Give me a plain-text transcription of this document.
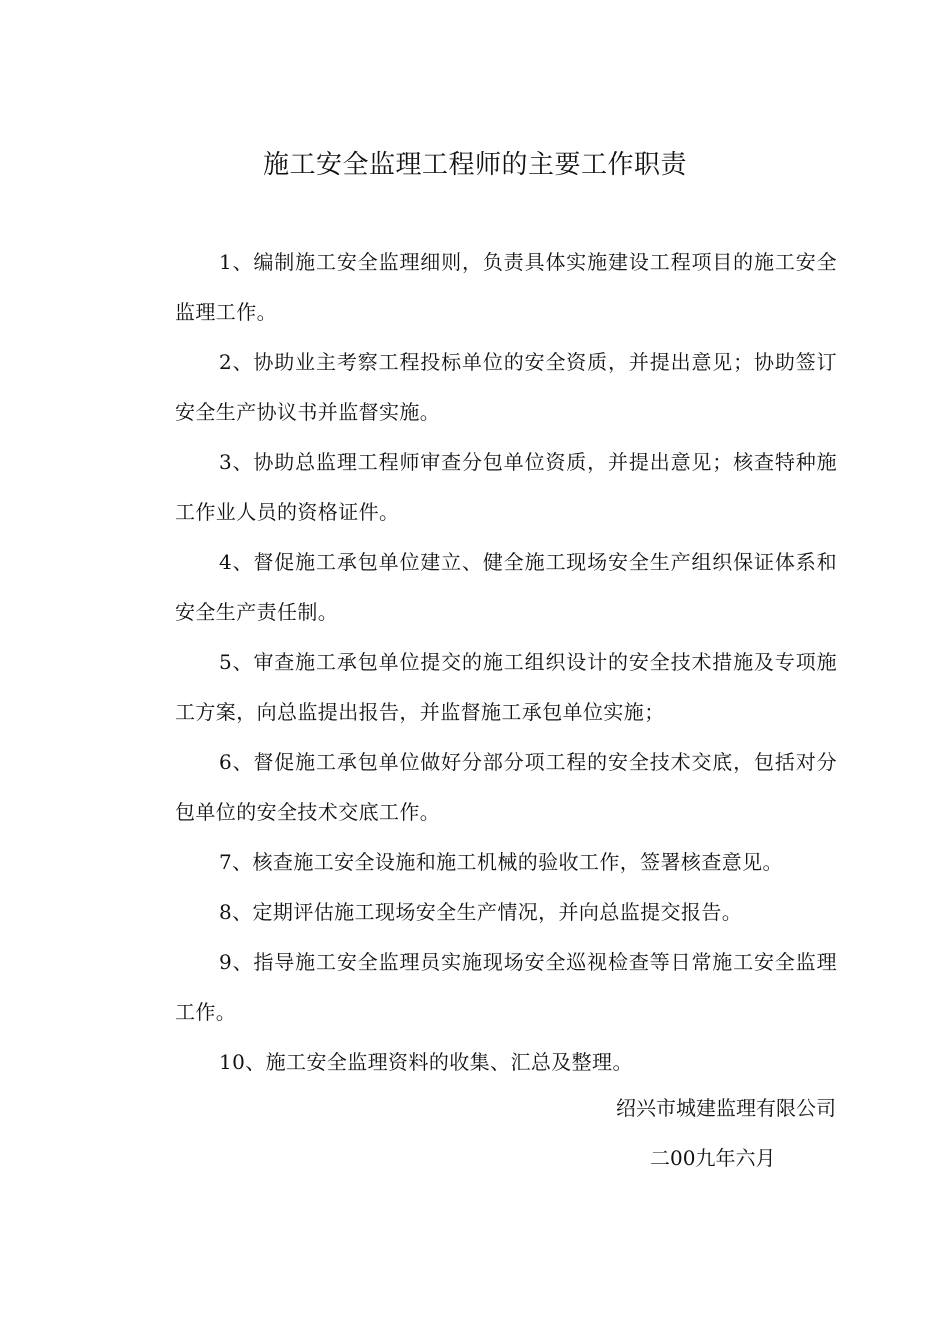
施工安全监理工程师的主要工作职责

1、编制施工安全监理细则，负责具体实施建设工程项目的施工安全监理工作。

2、协助业主考察工程投标单位的安全资质，并提出意见；协助签订安全生产协议书并监督实施。

3、协助总监理工程师审查分包单位资质，并提出意见；核查特种施工作业人员的资格证件。

4、督促施工承包单位建立、健全施工现场安全生产组织保证体系和安全生产责任制。

5、审查施工承包单位提交的施工组织设计的安全技术措施及专项施工方案，向总监提出报告，并监督施工承包单位实施；

6、督促施工承包单位做好分部分项工程的安全技术交底，包括对分包单位的安全技术交底工作。

7、核查施工安全设施和施工机械的验收工作，签署核查意见。

8、定期评估施工现场安全生产情况，并向总监提交报告。

9、指导施工安全监理员实施现场安全巡视检查等日常施工安全监理工作。

10、施工安全监理资料的收集、汇总及整理。

绍兴市城建监理有限公司

二00九年六月
